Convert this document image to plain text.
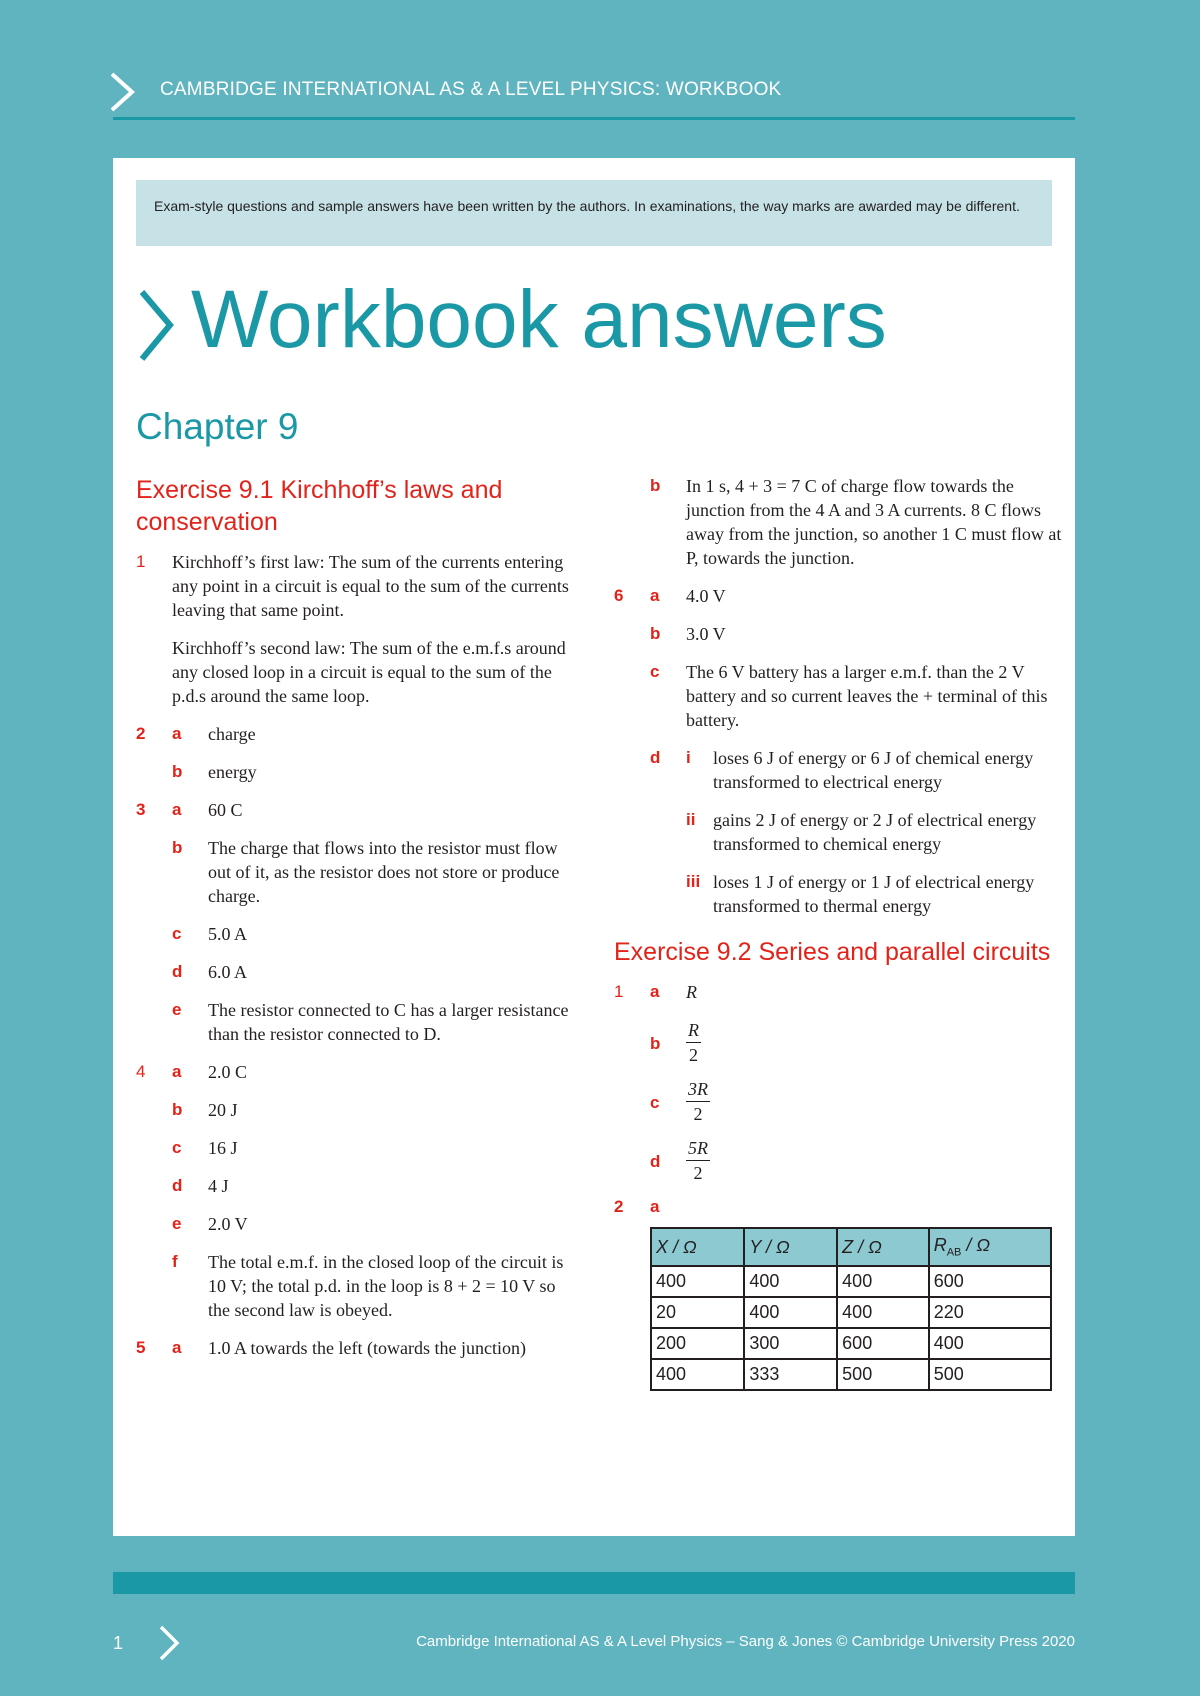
CAMBRIDGE INTERNATIONAL AS & A LEVEL PHYSICS: WORKBOOK
Exam-style questions and sample answers have been written by the authors. In examinations, the way marks are awarded may be different.
Workbook answers
Chapter 9
Exercise 9.1 Kirchhoff’s laws and conservation
1 Kirchhoff’s first law: The sum of the currents entering any point in a circuit is equal to the sum of the currents leaving that same point.
Kirchhoff’s second law: The sum of the e.m.f.s around any closed loop in a circuit is equal to the sum of the p.d.s around the same loop.
2 a charge
b energy
3 a 60 C
b The charge that flows into the resistor must flow out of it, as the resistor does not store or produce charge.
c 5.0 A
d 6.0 A
e The resistor connected to C has a larger resistance than the resistor connected to D.
4 a 2.0 C
b 20 J
c 16 J
d 4 J
e 2.0 V
f The total e.m.f. in the closed loop of the circuit is 10 V; the total p.d. in the loop is 8 + 2 = 10 V so the second law is obeyed.
5 a 1.0 A towards the left (towards the junction)
b In 1 s, 4 + 3 = 7 C of charge flow towards the junction from the 4 A and 3 A currents. 8 C flows away from the junction, so another 1 C must flow at P, towards the junction.
6 a 4.0 V
b 3.0 V
c The 6 V battery has a larger e.m.f. than the 2 V battery and so current leaves the + terminal of this battery.
d i loses 6 J of energy or 6 J of chemical energy transformed to electrical energy
ii gains 2 J of energy or 2 J of electrical energy transformed to chemical energy
iii loses 1 J of energy or 1 J of electrical energy transformed to thermal energy
Exercise 9.2 Series and parallel circuits
1 a R
b $\frac{R}{2}$
c $\frac{3R}{2}$
d $\frac{5R}{2}$
2 a

X / Ω	Y / Ω	Z / Ω	$R_{AB}$ / Ω
400	400	400	600
20	400	400	220
200	300	600	400
400	333	500	500
1	Cambridge International AS & A Level Physics – Sang & Jones © Cambridge University Press 2020
